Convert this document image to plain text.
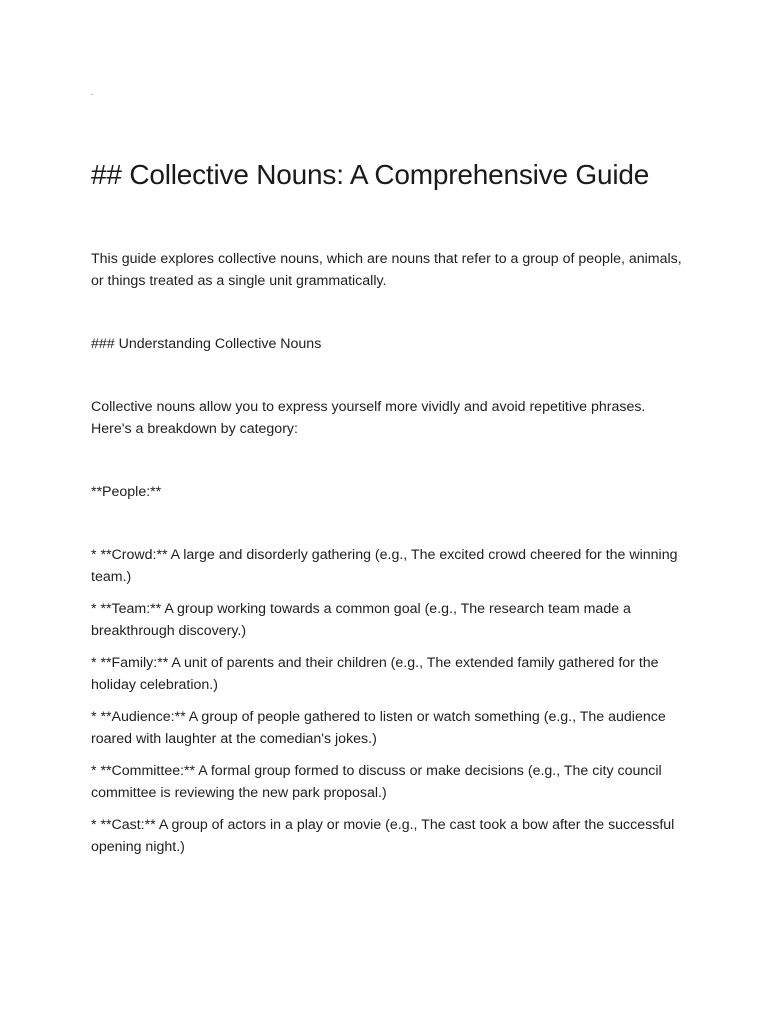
.
## Collective Nouns: A Comprehensive Guide

This guide explores collective nouns, which are nouns that refer to a group of people, animals, or things treated as a single unit grammatically.

### Understanding Collective Nouns

Collective nouns allow you to express yourself more vividly and avoid repetitive phrases. Here's a breakdown by category:

**People:**

* **Crowd:** A large and disorderly gathering (e.g., The excited crowd cheered for the winning team.)
* **Team:** A group working towards a common goal (e.g., The research team made a breakthrough discovery.)
* **Family:** A unit of parents and their children (e.g., The extended family gathered for the holiday celebration.)
* **Audience:** A group of people gathered to listen or watch something (e.g., The audience roared with laughter at the comedian's jokes.)
* **Committee:** A formal group formed to discuss or make decisions (e.g., The city council committee is reviewing the new park proposal.)
* **Cast:** A group of actors in a play or movie (e.g., The cast took a bow after the successful opening night.)
